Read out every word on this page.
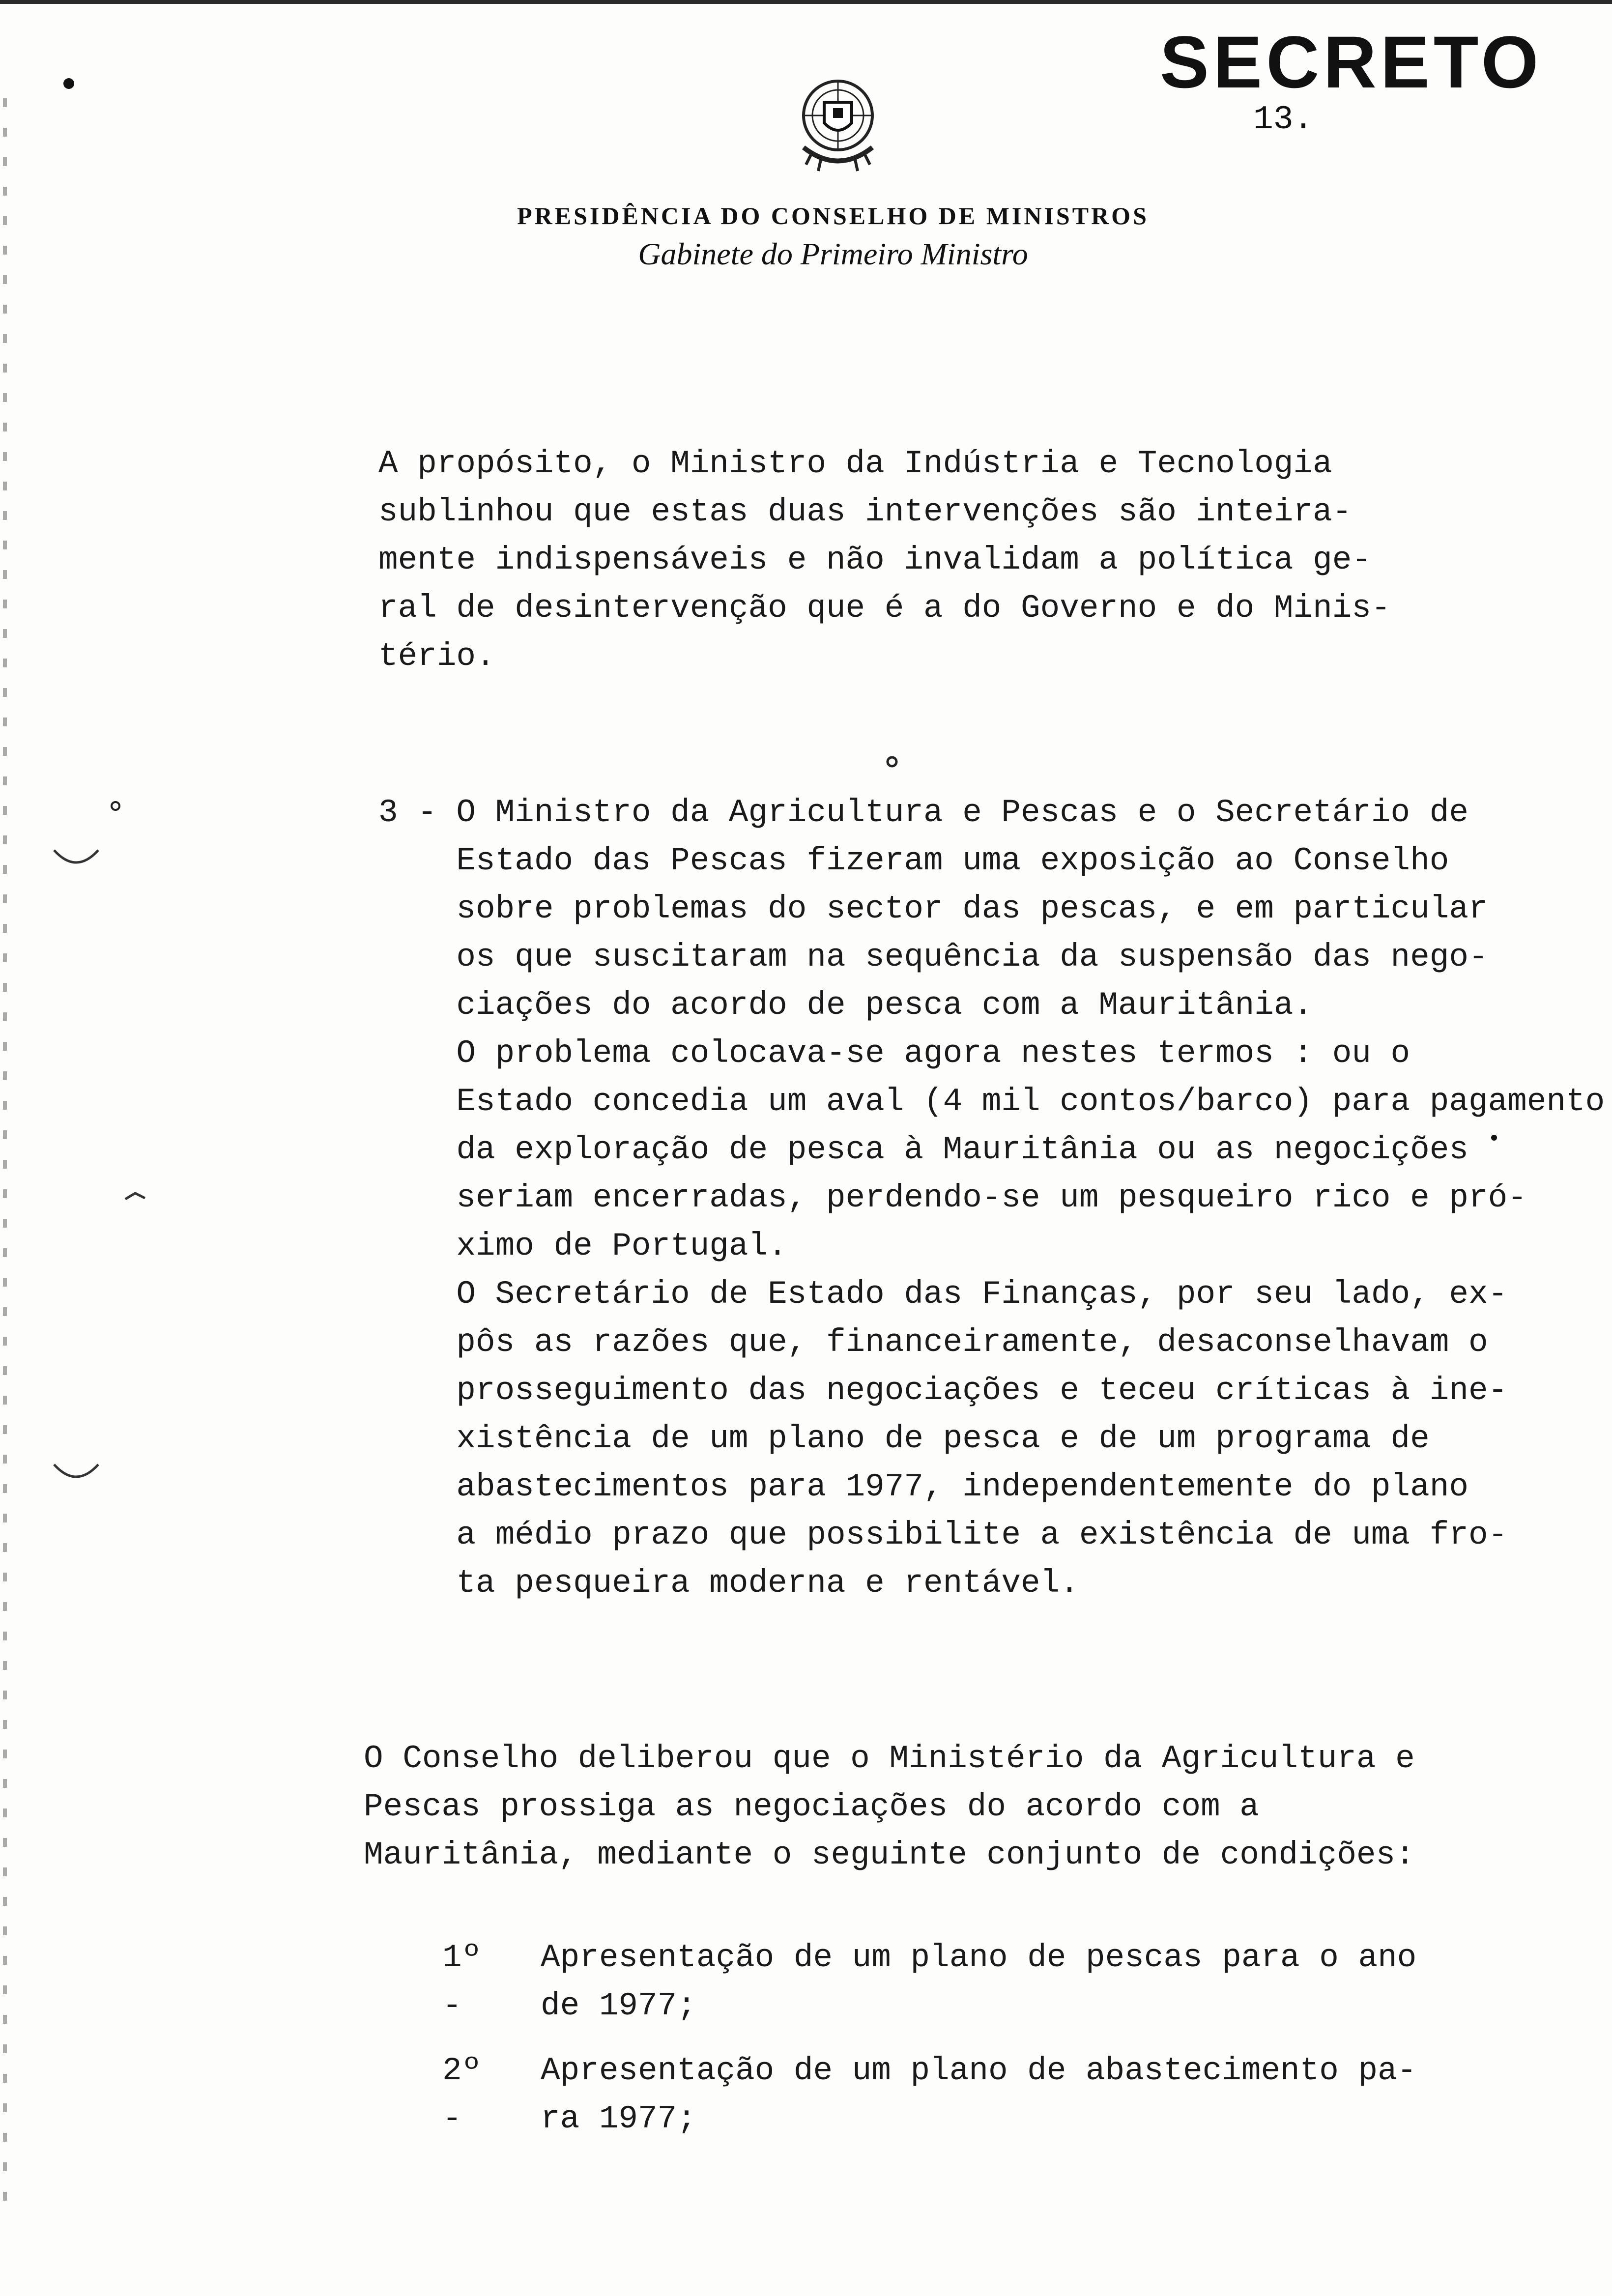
SECRETO
13.
PRESIDÊNCIA DO CONSELHO DE MINISTROS
Gabinete do Primeiro Ministro
A propósito, o Ministro da Indústria e Tecnologia
sublinhou que estas duas intervenções são inteira-
mente indispensáveis e não invalidam a política ge-
ral de desintervenção que é a do Governo e do Minis-
tério.
3 - O Ministro da Agricultura e Pescas e o Secretário de
Estado das Pescas fizeram uma exposição ao Conselho
sobre problemas do sector das pescas, e em particular
os que suscitaram na sequência da suspensão das nego-
ciações do acordo de pesca com a Mauritânia.
O problema colocava-se agora nestes termos : ou o
Estado concedia um aval (4 mil contos/barco) para pagamento
da exploração de pesca à Mauritânia ou as negocições
seriam encerradas, perdendo-se um pesqueiro rico e pró-
ximo de Portugal.
O Secretário de Estado das Finanças, por seu lado, ex-
pôs as razões que, financeiramente, desaconselhavam o
prosseguimento das negociações e teceu críticas à ine-
xistência de um plano de pesca e de um programa de
abastecimentos para 1977, independentemente do plano
a médio prazo que possibilite a existência de uma fro-
ta pesqueira moderna e rentável.
O Conselho deliberou que o Ministério da Agricultura e
Pescas prossiga as negociações do acordo com a
Mauritânia, mediante o seguinte conjunto de condições:
1º -
Apresentação de um plano de pescas para o ano
de 1977;
2º -
Apresentação de um plano de abastecimento pa-
ra 1977;
